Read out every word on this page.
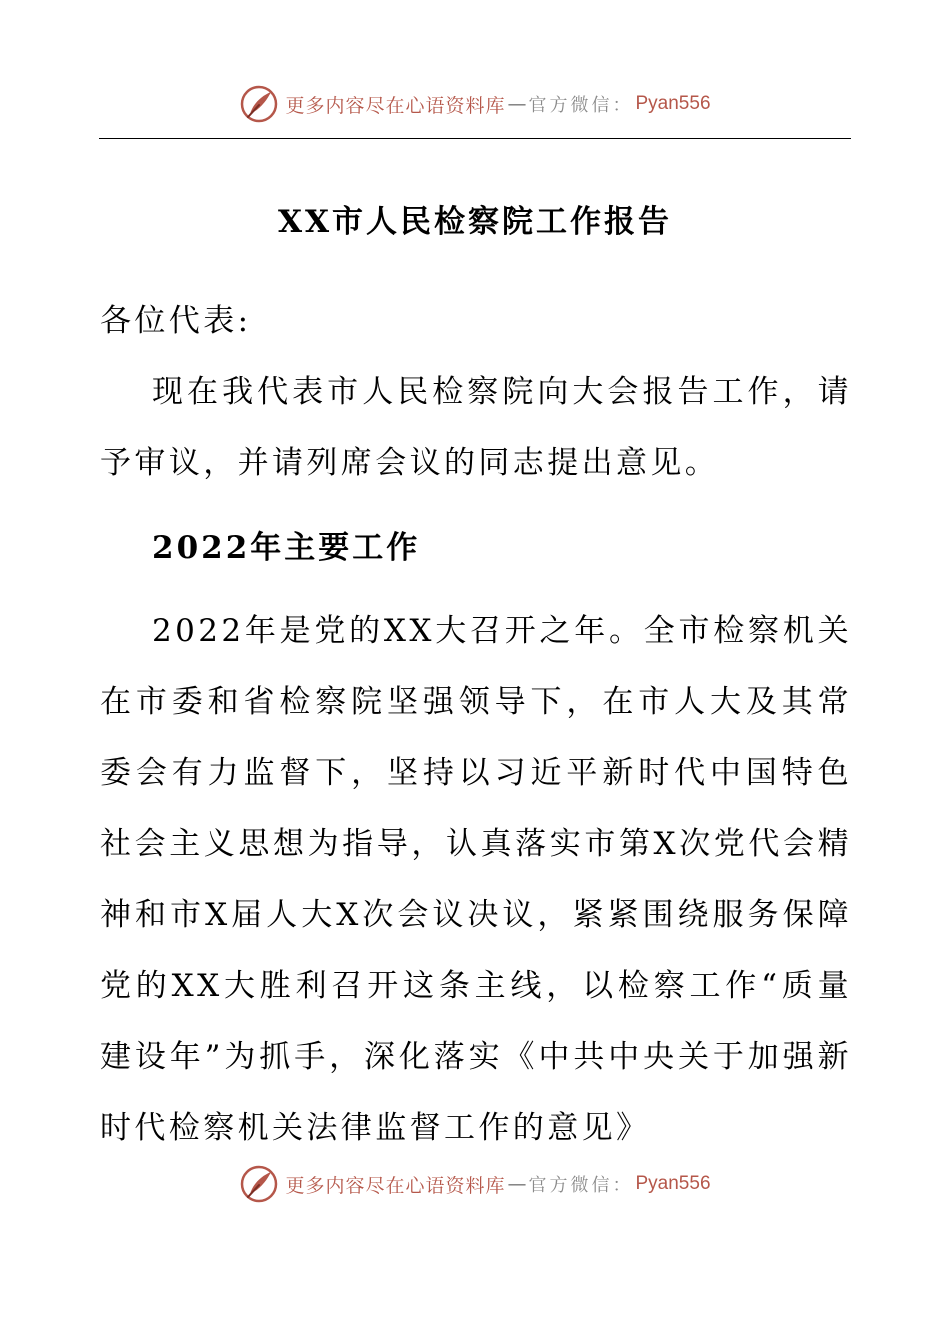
更多内容尽在心语资料库 — 官方微信： Pyan556
XX市人民检察院工作报告

各位代表:

现在我代表市人民检察院向大会报告工作，请予审议，并请列席会议的同志提出意见。

2022年主要工作

2022年是党的XX大召开之年。全市检察机关在市委和省检察院坚强领导下，在市人大及其常委会有力监督下，坚持以习近平新时代中国特色社会主义思想为指导，认真落实市第X次党代会精神和市X届人大X次会议决议，紧紧围绕服务保障党的XX大胜利召开这条主线，以检察工作“质量建设年”为抓手，深化落实《中共中央关于加强新时代检察机关法律监督工作的意见》

更多内容尽在心语资料库 — 官方微信： Pyan556
